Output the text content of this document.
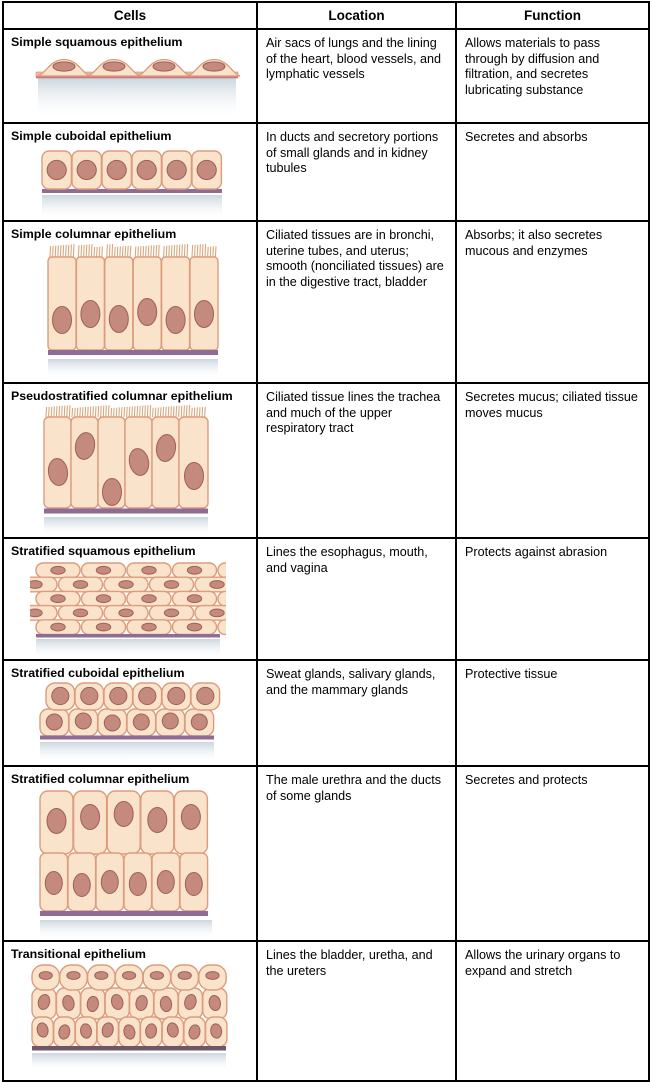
Cells	Location	Function

Simple squamous epithelium	Air sacs of lungs and the lining of the heart, blood vessels, and lymphatic vessels	Allows materials to pass through by diffusion and filtration, and secretes lubricating substance

Simple cuboidal epithelium	In ducts and secretory portions of small glands and in kidney tubules	Secretes and absorbs

Simple columnar epithelium	Ciliated tissues are in bronchi, uterine tubes, and uterus; smooth (nonciliated tissues) are in the digestive tract, bladder	Absorbs; it also secretes mucous and enzymes

Pseudostratified columnar epithelium	Ciliated tissue lines the trachea and much of the upper respiratory tract	Secretes mucus; ciliated tissue moves mucus

Stratified squamous epithelium	Lines the esophagus, mouth, and vagina	Protects against abrasion

Stratified cuboidal epithelium	Sweat glands, salivary glands, and the mammary glands	Protective tissue

Stratified columnar epithelium	The male urethra and the ducts of some glands	Secretes and protects

Transitional epithelium	Lines the bladder, uretha, and the ureters	Allows the urinary organs to expand and stretch
